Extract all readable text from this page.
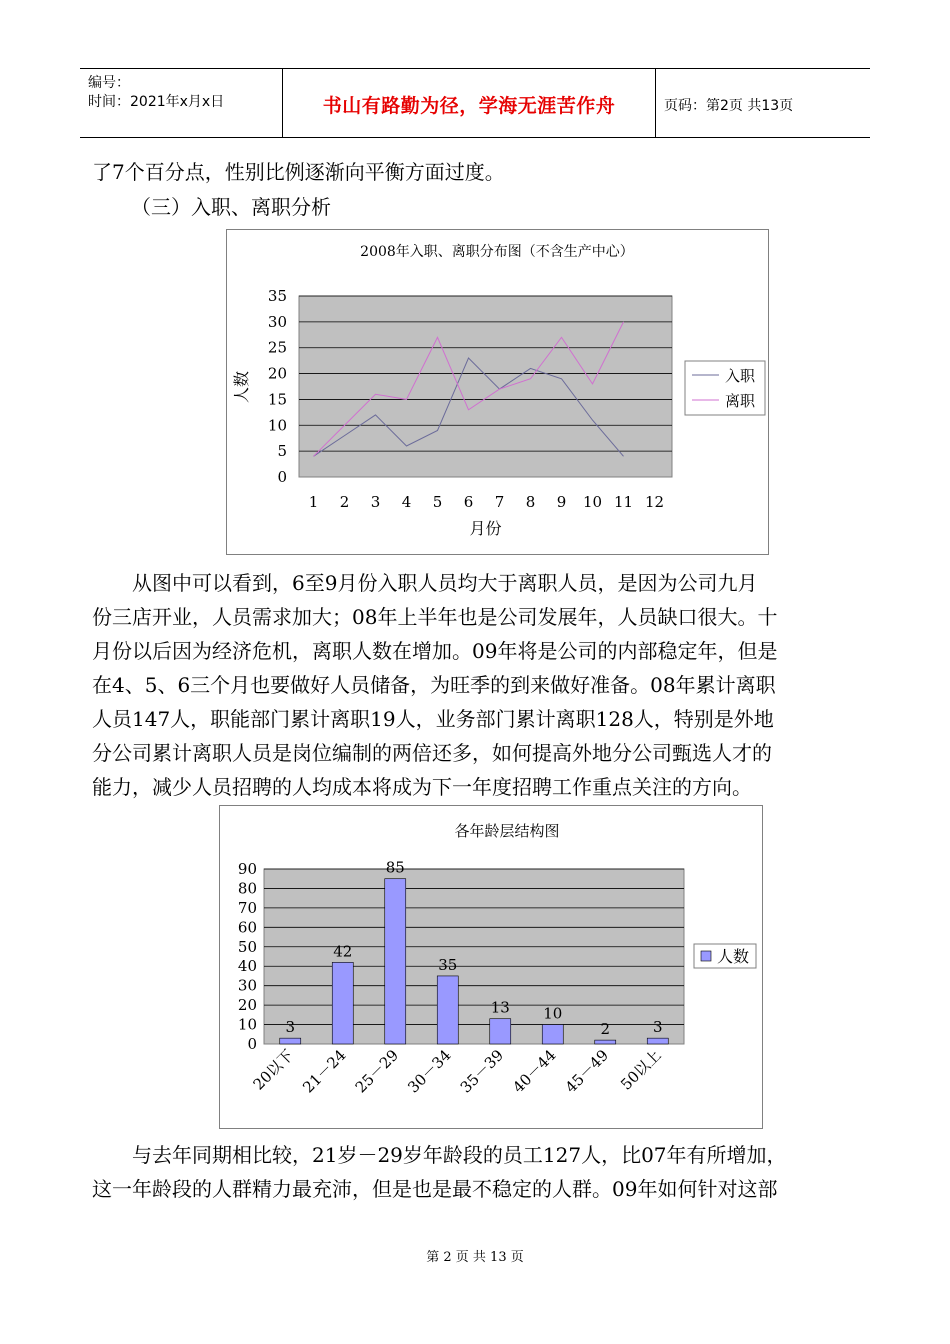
编号：
时间：2021年x月x日	书山有路勤为径，学海无涯苦作舟	页码：第2页 共13页
了7个百分点，性别比例逐渐向平衡方面过度。
（三）入职、离职分析
2008年入职、离职分布图（不含生产中心）
0
5
10
15
20
25
30
35
1 2 3 4 5 6 7 8 9 10 11 12
月份
人数	入职
离职
从图中可以看到，6至9月份入职人员均大于离职人员，是因为公司九月
份三店开业，人员需求加大；08年上半年也是公司发展年，人员缺口很大。十
月份以后因为经济危机，离职人数在增加。09年将是公司的内部稳定年，但是
在4、5、6三个月也要做好人员储备，为旺季的到来做好准备。08年累计离职
人员147人，职能部门累计离职19人，业务部门累计离职128人，特别是外地
分公司累计离职人员是岗位编制的两倍还多，如何提高外地分公司甄选人才的
能力，减少人员招聘的人均成本将成为下一年度招聘工作重点关注的方向。
各年龄层结构图
0
10
20
30
40
50
60
70
80
90
3
20以下
42
21－24
85
25－29
35
30－34
13
35－39
10
40－44
2
45－49
3
50以上
人数
与去年同期相比较，21岁－29岁年龄段的员工127人，比07年有所增加，
这一年龄段的人群精力最充沛，但是也是最不稳定的人群。09年如何针对这部
第 2 页 共 13 页
